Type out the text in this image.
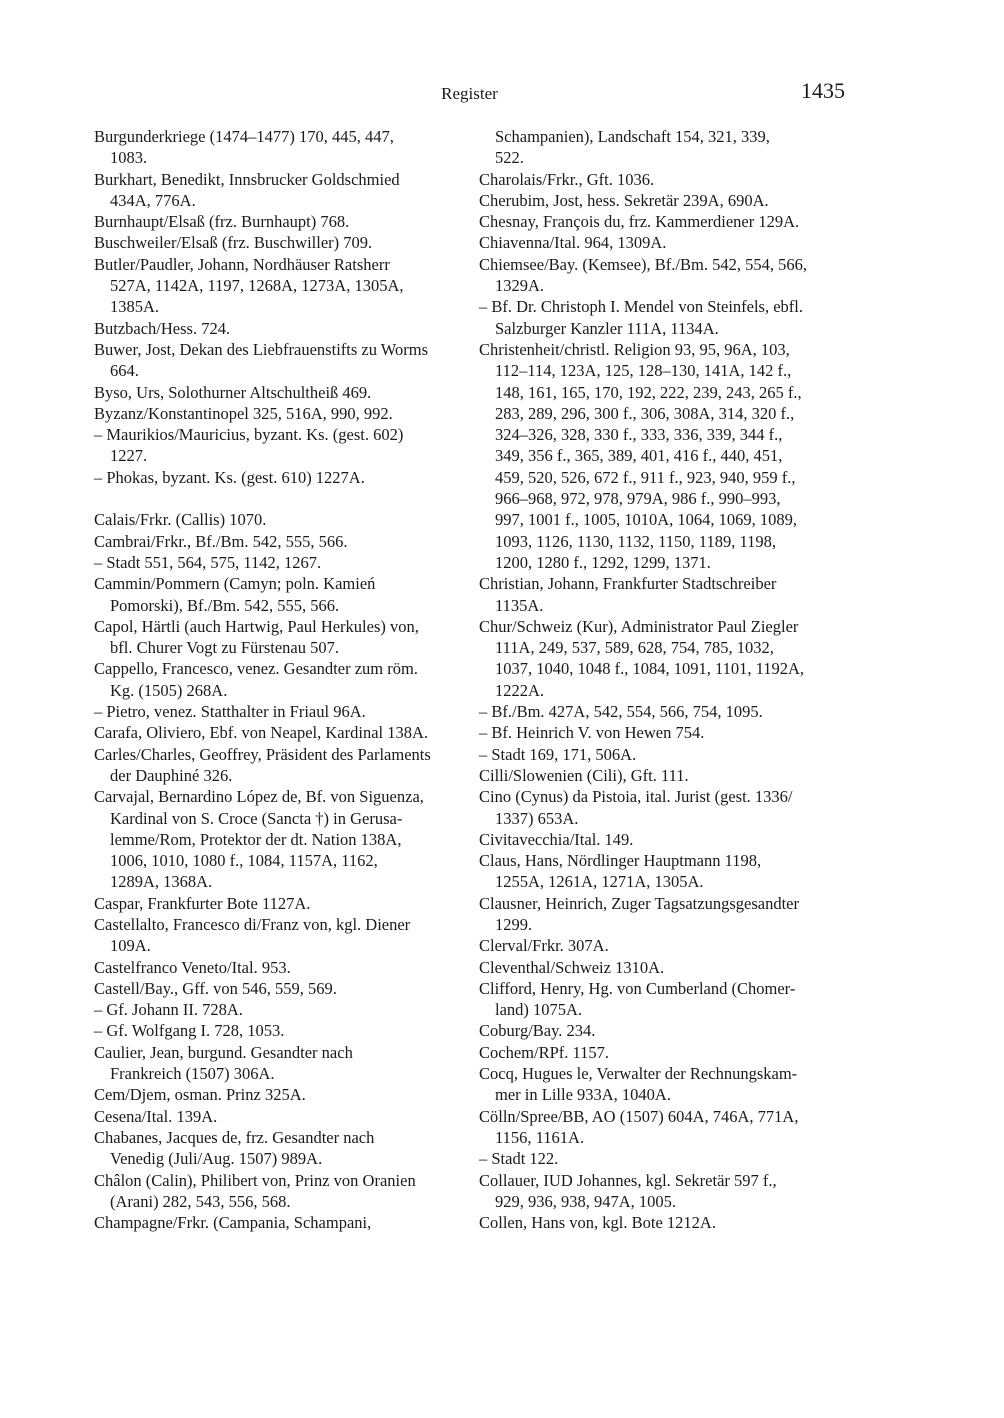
Register	1435
Burgunderkriege (1474–1477) 170, 445, 447,
1083.
Burkhart, Benedikt, Innsbrucker Goldschmied
434A, 776A.
Burnhaupt/Elsaß (frz. Burnhaupt) 768.
Buschweiler/Elsaß (frz. Buschwiller) 709.
Butler/Paudler, Johann, Nordhäuser Ratsherr
527A, 1142A, 1197, 1268A, 1273A, 1305A,
1385A.
Butzbach/Hess. 724.
Buwer, Jost, Dekan des Liebfrauenstifts zu Worms
664.
Byso, Urs, Solothurner Altschultheiß 469.
Byzanz/Konstantinopel 325, 516A, 990, 992.
– Maurikios/Mauricius, byzant. Ks. (gest. 602)
1227.
– Phokas, byzant. Ks. (gest. 610) 1227A.
Calais/Frkr. (Callis) 1070.
Cambrai/Frkr., Bf./Bm. 542, 555, 566.
– Stadt 551, 564, 575, 1142, 1267.
Cammin/Pommern (Camyn; poln. Kamień
Pomorski), Bf./Bm. 542, 555, 566.
Capol, Härtli (auch Hartwig, Paul Herkules) von,
bfl. Churer Vogt zu Fürstenau 507.
Cappello, Francesco, venez. Gesandter zum röm.
Kg. (1505) 268A.
– Pietro, venez. Statthalter in Friaul 96A.
Carafa, Oliviero, Ebf. von Neapel, Kardinal 138A.
Carles/Charles, Geoffrey, Präsident des Parlaments
der Dauphiné 326.
Carvajal, Bernardino López de, Bf. von Siguenza,
Kardinal von S. Croce (Sancta †) in Gerusa-
lemme/Rom, Protektor der dt. Nation 138A,
1006, 1010, 1080 f., 1084, 1157A, 1162,
1289A, 1368A.
Caspar, Frankfurter Bote 1127A.
Castellalto, Francesco di/Franz von, kgl. Diener
109A.
Castelfranco Veneto/Ital. 953.
Castell/Bay., Gff. von 546, 559, 569.
– Gf. Johann II. 728A.
– Gf. Wolfgang I. 728, 1053.
Caulier, Jean, burgund. Gesandter nach
Frankreich (1507) 306A.
Cem/Djem, osman. Prinz 325A.
Cesena/Ital. 139A.
Chabanes, Jacques de, frz. Gesandter nach
Venedig (Juli/Aug. 1507) 989A.
Châlon (Calin), Philibert von, Prinz von Oranien
(Arani) 282, 543, 556, 568.
Champagne/Frkr. (Campania, Schampani,
Schampanien), Landschaft 154, 321, 339,
522.
Charolais/Frkr., Gft. 1036.
Cherubim, Jost, hess. Sekretär 239A, 690A.
Chesnay, François du, frz. Kammerdiener 129A.
Chiavenna/Ital. 964, 1309A.
Chiemsee/Bay. (Kemsee), Bf./Bm. 542, 554, 566,
1329A.
– Bf. Dr. Christoph I. Mendel von Steinfels, ebfl.
Salzburger Kanzler 111A, 1134A.
Christenheit/christl. Religion 93, 95, 96A, 103,
112–114, 123A, 125, 128–130, 141A, 142 f.,
148, 161, 165, 170, 192, 222, 239, 243, 265 f.,
283, 289, 296, 300 f., 306, 308A, 314, 320 f.,
324–326, 328, 330 f., 333, 336, 339, 344 f.,
349, 356 f., 365, 389, 401, 416 f., 440, 451,
459, 520, 526, 672 f., 911 f., 923, 940, 959 f.,
966–968, 972, 978, 979A, 986 f., 990–993,
997, 1001 f., 1005, 1010A, 1064, 1069, 1089,
1093, 1126, 1130, 1132, 1150, 1189, 1198,
1200, 1280 f., 1292, 1299, 1371.
Christian, Johann, Frankfurter Stadtschreiber
1135A.
Chur/Schweiz (Kur), Administrator Paul Ziegler
111A, 249, 537, 589, 628, 754, 785, 1032,
1037, 1040, 1048 f., 1084, 1091, 1101, 1192A,
1222A.
– Bf./Bm. 427A, 542, 554, 566, 754, 1095.
– Bf. Heinrich V. von Hewen 754.
– Stadt 169, 171, 506A.
Cilli/Slowenien (Cili), Gft. 111.
Cino (Cynus) da Pistoia, ital. Jurist (gest. 1336/
1337) 653A.
Civitavecchia/Ital. 149.
Claus, Hans, Nördlinger Hauptmann 1198,
1255A, 1261A, 1271A, 1305A.
Clausner, Heinrich, Zuger Tagsatzungsgesandter
1299.
Clerval/Frkr. 307A.
Cleventhal/Schweiz 1310A.
Clifford, Henry, Hg. von Cumberland (Chomer-
land) 1075A.
Coburg/Bay. 234.
Cochem/RPf. 1157.
Cocq, Hugues le, Verwalter der Rechnungskam-
mer in Lille 933A, 1040A.
Cölln/Spree/BB, AO (1507) 604A, 746A, 771A,
1156, 1161A.
– Stadt 122.
Collauer, IUD Johannes, kgl. Sekretär 597 f.,
929, 936, 938, 947A, 1005.
Collen, Hans von, kgl. Bote 1212A.
